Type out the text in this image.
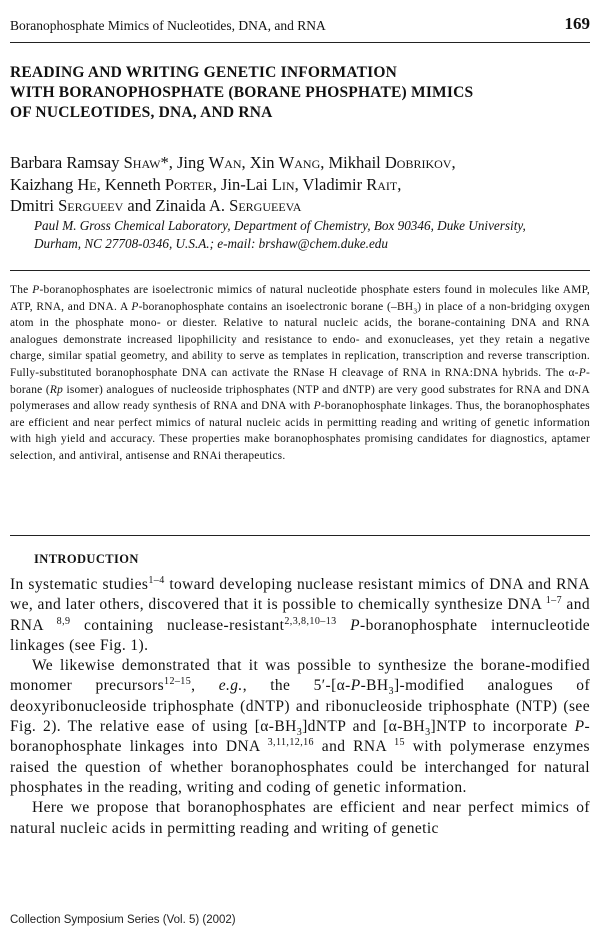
Boranophosphate Mimics of Nucleotides, DNA, and RNA	169
READING AND WRITING GENETIC INFORMATION
WITH BORANOPHOSPHATE (BORANE PHOSPHATE) MIMICS
OF NUCLEOTIDES, DNA, AND RNA
Barbara Ramsay Shaw*, Jing Wan, Xin Wang, Mikhail Dobrikov,
Kaizhang He, Kenneth Porter, Jin-Lai Lin, Vladimir Rait,
Dmitri Sergueev and Zinaida A. Sergueeva
Paul M. Gross Chemical Laboratory, Department of Chemistry, Box 90346, Duke University,
Durham, NC 27708-0346, U.S.A.; e-mail: brshaw@chem.duke.edu
The P-boranophosphates are isoelectronic mimics of natural nucleotide phosphate esters found in molecules like AMP, ATP, RNA, and DNA. A P-boranophosphate contains an isoelectronic borane $(-BH_3)$ in place of a non-bridging oxygen atom in the phosphate mono- or diester. Relative to natural nucleic acids, the borane-containing DNA and RNA analogues demonstrate increased lipophilicity and resistance to endo- and exonucleases, yet they retain a negative charge, similar spatial geometry, and ability to serve as templates in replication, transcription and reverse transcription. Fully-substituted boranophosphate DNA can activate the RNase H cleavage of RNA in RNA:DNA hybrids. The α-P-borane (Rp isomer) analogues of nucleoside triphosphates (NTP and dNTP) are very good substrates for RNA and DNA polymerases and allow ready synthesis of RNA and DNA with P-boranophosphate linkages. Thus, the boranophosphates are efficient and near perfect mimics of natural nucleic acids in permitting reading and writing of genetic information with high yield and accuracy. These properties make boranophosphates promising candidates for diagnostics, aptamer selection, and antiviral, antisense and RNAi therapeutics.
INTRODUCTION

In systematic studies$^{1-4}$ toward developing nuclease resistant mimics of DNA and RNA we, and later others, discovered that it is possible to chemically synthesize DNA $^{1-7}$ and RNA $^{8,9}$ containing nuclease-resistant$^{2,3,8,10-13}$ P-boranophosphate internucleotide linkages (see Fig. 1).

We likewise demonstrated that it was possible to synthesize the borane-modified monomer precursors$^{12-15}$, e.g., the $5'-[\alpha-P-BH_3]$-modified analogues of deoxyribonucleoside triphosphate (dNTP) and ribonucleoside triphosphate (NTP) (see Fig. 2). The relative ease of using $[\alpha-BH_3]dNTP$ and $[\alpha-BH_3]NTP$ to incorporate P-boranophosphate linkages into DNA $^{3,11,12,16}$ and RNA $^{15}$ with polymerase enzymes raised the question of whether boranophosphates could be interchanged for natural phosphates in the reading, writing and coding of genetic information.

Here we propose that boranophosphates are efficient and near perfect mimics of natural nucleic acids in permitting reading and writing of genetic

Collection Symposium Series (Vol. 5) (2002)
